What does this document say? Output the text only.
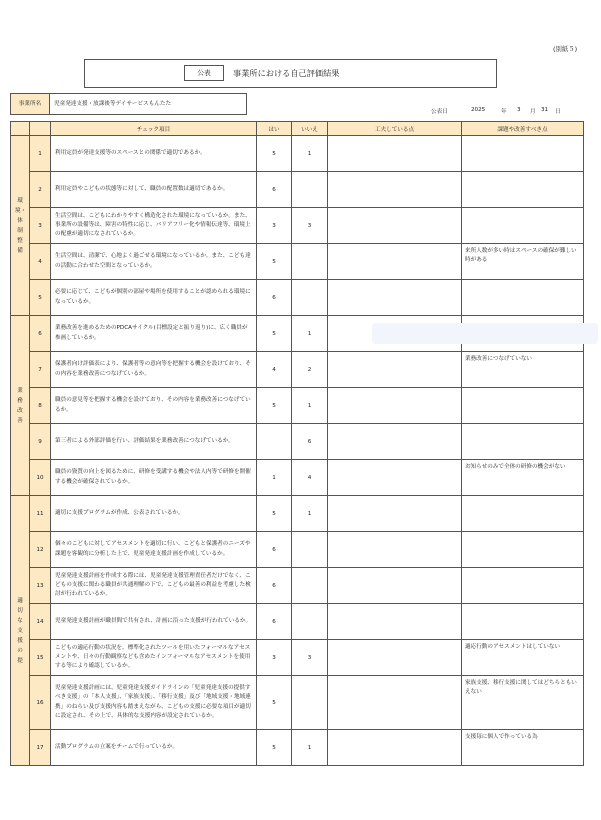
(別紙５)
公表	事業所における自己評価結果
事業所名	児童発達支援・放課後等デイサービスもんたた
公表日	2025	年 3 月 31 日
		チェック項目	はい	いいえ	工夫している点	課題や改善すべき点
環境・体制整備	1	利用定員が発達支援等のスペースとの関係で適切であるか。	5	1		
	2	利用定員やこどもの状態等に対して、職員の配置数は適切であるか。	6			
	3	生活空間は、こどもにわかりやすく構造化された環境になっているか。また、事業所の設備等は、障害の特性に応じ、バリアフリー化や情報伝達等、環境上の配慮が適切になされているか。	3	3		
	4	生活空間は、清潔で、心地よく過ごせる環境になっているか。また、こども達の活動に合わせた空間となっているか。	5			来所人数が多い時はスペースの確保が難しい時がある
	5	必要に応じて、こどもが個別の部屋や場所を使用することが認められる環境になっているか。	6			
業務改善	6	業務改善を進めるためのPDCAサイクル(目標設定と振り返り)に、広く職員が参画しているか。	5	1		
	7	保護者向け評価表により、保護者等の意向等を把握する機会を設けており、その内容を業務改善につなげているか。	4	2		業務改善につなげていない
	8	職員の意見等を把握する機会を設けており、その内容を業務改善につなげているか。	5	1		
	9	第三者による外部評価を行い、評価結果を業務改善につなげているか。		6		
	10	職員の資質の向上を図るために、研修を受講する機会や法人内等で研修を開催する機会が確保されているか。	1	4		お知らせのみで全体の研修の機会がない
適切な支援の提	11	適切に支援プログラムが作成、公表されているか。	5	1		
	12	個々のこどもに対してアセスメントを適切に行い、こどもと保護者のニーズや課題を客観的に分析した上で、児童発達支援計画を作成しているか。	6			
	13	児童発達支援計画を作成する際には、児童発達支援管理責任者だけでなく、こどもの支援に関わる職員が共通理解の下で、こどもの最善の利益を考慮した検討が行われているか。	6			
	14	児童発達支援計画が職員間で共有され、計画に沿った支援が行われているか。	6			
	15	こどもの適応行動の状況を、標準化されたツールを用いたフォーマルなアセスメントや、日々の行動観察なども含めたインフォーマルなアセスメントを使用する等により確認しているか。	3	3		適応行動のアセスメントはしていない
	16	児童発達支援計画には、児童発達支援ガイドラインの「児童発達支援の提供すべき支援」の「本人支援」、「家族支援」、「移行支援」及び「地域支援・地域連携」のねらい及び支援内容も踏まえながら、こどもの支援に必要な項目が適切に設定され、その上で、具体的な支援内容が設定されているか。	5			家族支援、移行支援に関してはどちらともいえない
	17	活動プログラムの立案をチームで行っているか。	5	1		支援毎に個人で作っている為
